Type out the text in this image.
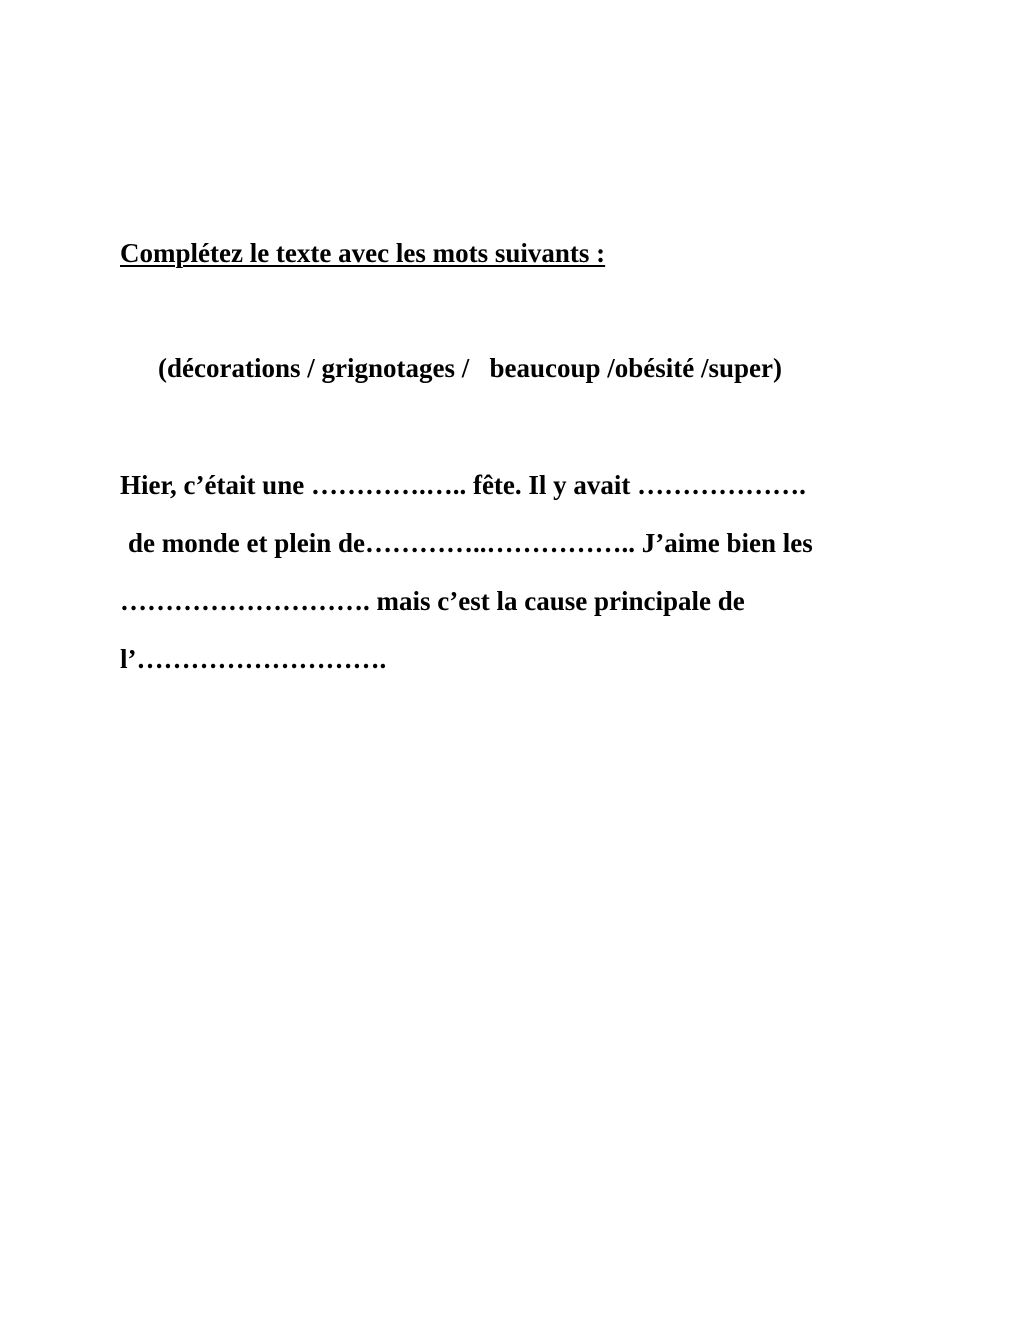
Complétez le texte avec les mots suivants :

(décorations / grignotages /   beaucoup /obésité /super)

Hier, c’était une ………….….. fête. Il y avait ……………….

de monde et plein de…………..…………….. J’aime bien les

………………………. mais c’est la cause principale de

l’……………………….
